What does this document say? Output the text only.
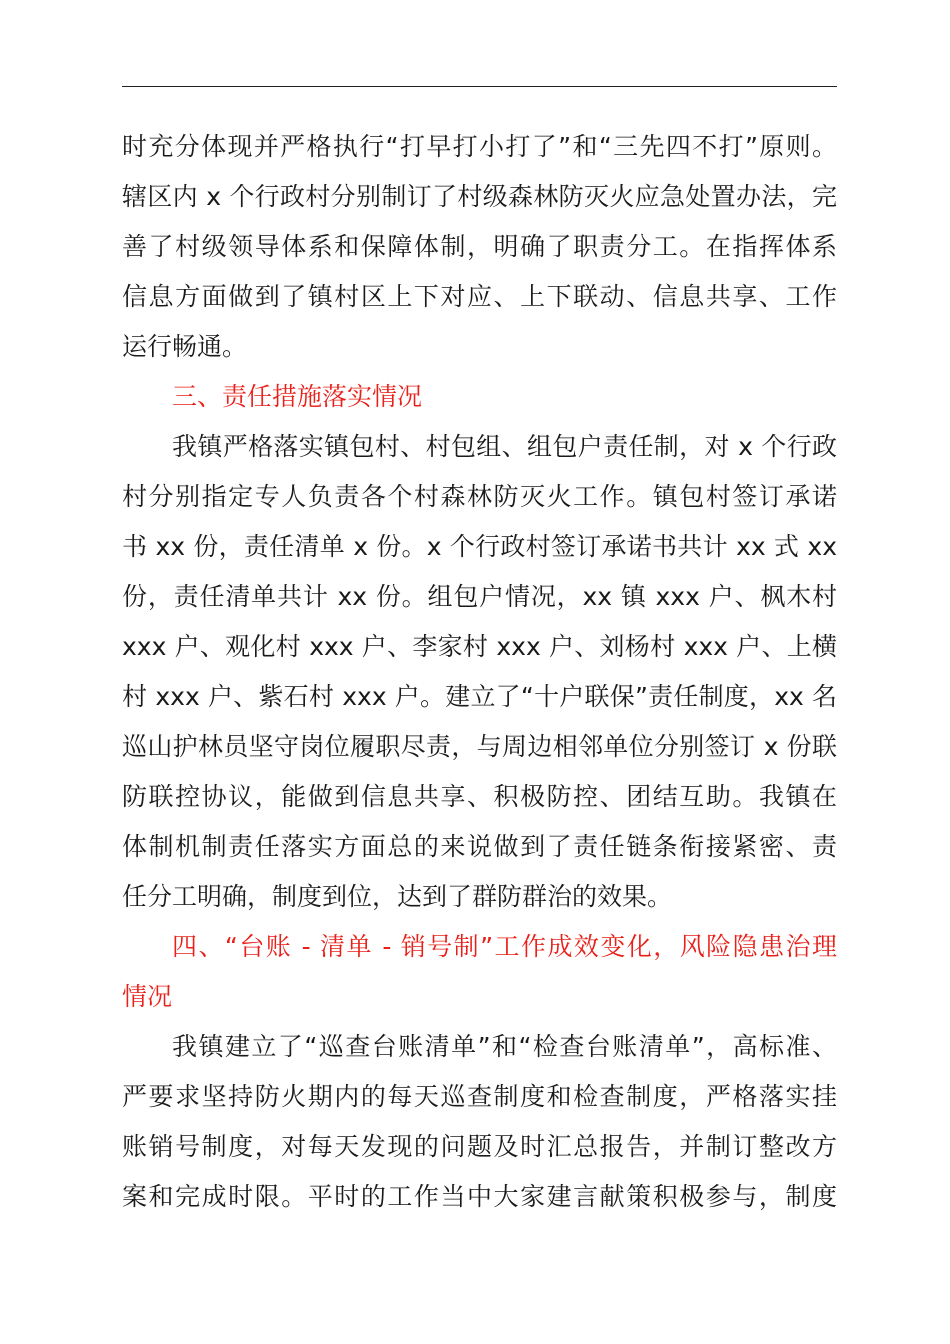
时充分体现并严格执行“打早打小打了”和“三先四不打”原则。
辖区内 x 个行政村分别制订了村级森林防灭火应急处置办法，完
善了村级领导体系和保障体制，明确了职责分工。在指挥体系
信息方面做到了镇村区上下对应、上下联动、信息共享、工作
运行畅通。
三、责任措施落实情况
我镇严格落实镇包村、村包组、组包户责任制，对 x 个行政
村分别指定专人负责各个村森林防灭火工作。镇包村签订承诺
书 xx 份，责任清单 x 份。x 个行政村签订承诺书共计 xx 式 xx
份，责任清单共计 xx 份。组包户情况，xx 镇 xxx 户、枫木村
xxx 户、观化村 xxx 户、李家村 xxx 户、刘杨村 xxx 户、上横
村 xxx 户、紫石村 xxx 户。建立了“十户联保”责任制度，xx 名
巡山护林员坚守岗位履职尽责，与周边相邻单位分别签订 x 份联
防联控协议，能做到信息共享、积极防控、团结互助。我镇在
体制机制责任落实方面总的来说做到了责任链条衔接紧密、责
任分工明确，制度到位，达到了群防群治的效果。
四、“台账 - 清单 - 销号制”工作成效变化，风险隐患治理
情况
我镇建立了“巡查台账清单”和“检查台账清单”，高标准、
严要求坚持防火期内的每天巡查制度和检查制度，严格落实挂
账销号制度，对每天发现的问题及时汇总报告，并制订整改方
案和完成时限。平时的工作当中大家建言献策积极参与，制度
